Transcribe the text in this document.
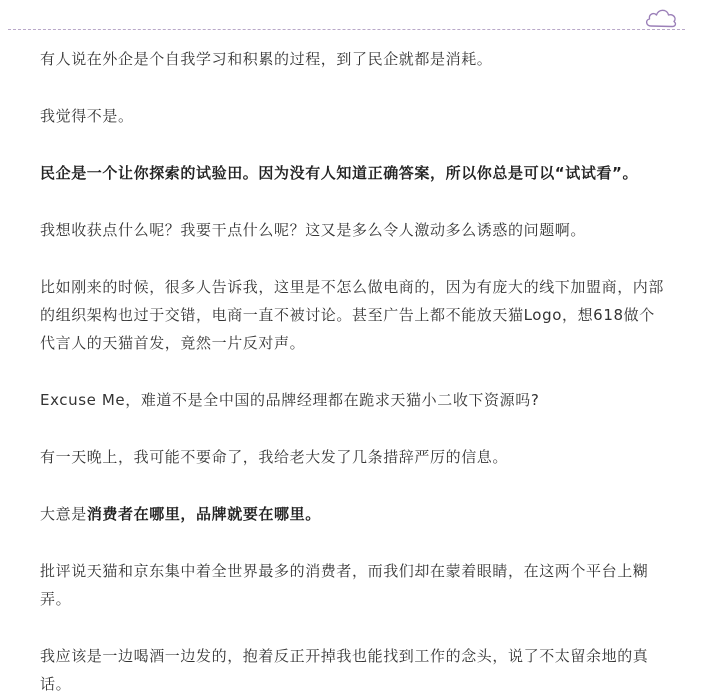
有人说在外企是个自我学习和积累的过程，到了民企就都是消耗。

我觉得不是。

民企是一个让你探索的试验田。因为没有人知道正确答案，所以你总是可以“试试看”。

我想收获点什么呢？我要干点什么呢？这又是多么令人激动多么诱惑的问题啊。

比如刚来的时候，很多人告诉我，这里是不怎么做电商的，因为有庞大的线下加盟商，内部的组织架构也过于交错，电商一直不被讨论。甚至广告上都不能放天猫Logo，想618做个代言人的天猫首发，竟然一片反对声。

Excuse Me，难道不是全中国的品牌经理都在跪求天猫小二收下资源吗?

有一天晚上，我可能不要命了，我给老大发了几条措辞严厉的信息。

大意是消费者在哪里，品牌就要在哪里。

批评说天猫和京东集中着全世界最多的消费者，而我们却在蒙着眼睛，在这两个平台上糊弄。

我应该是一边喝酒一边发的，抱着反正开掉我也能找到工作的念头，说了不太留余地的真话。
